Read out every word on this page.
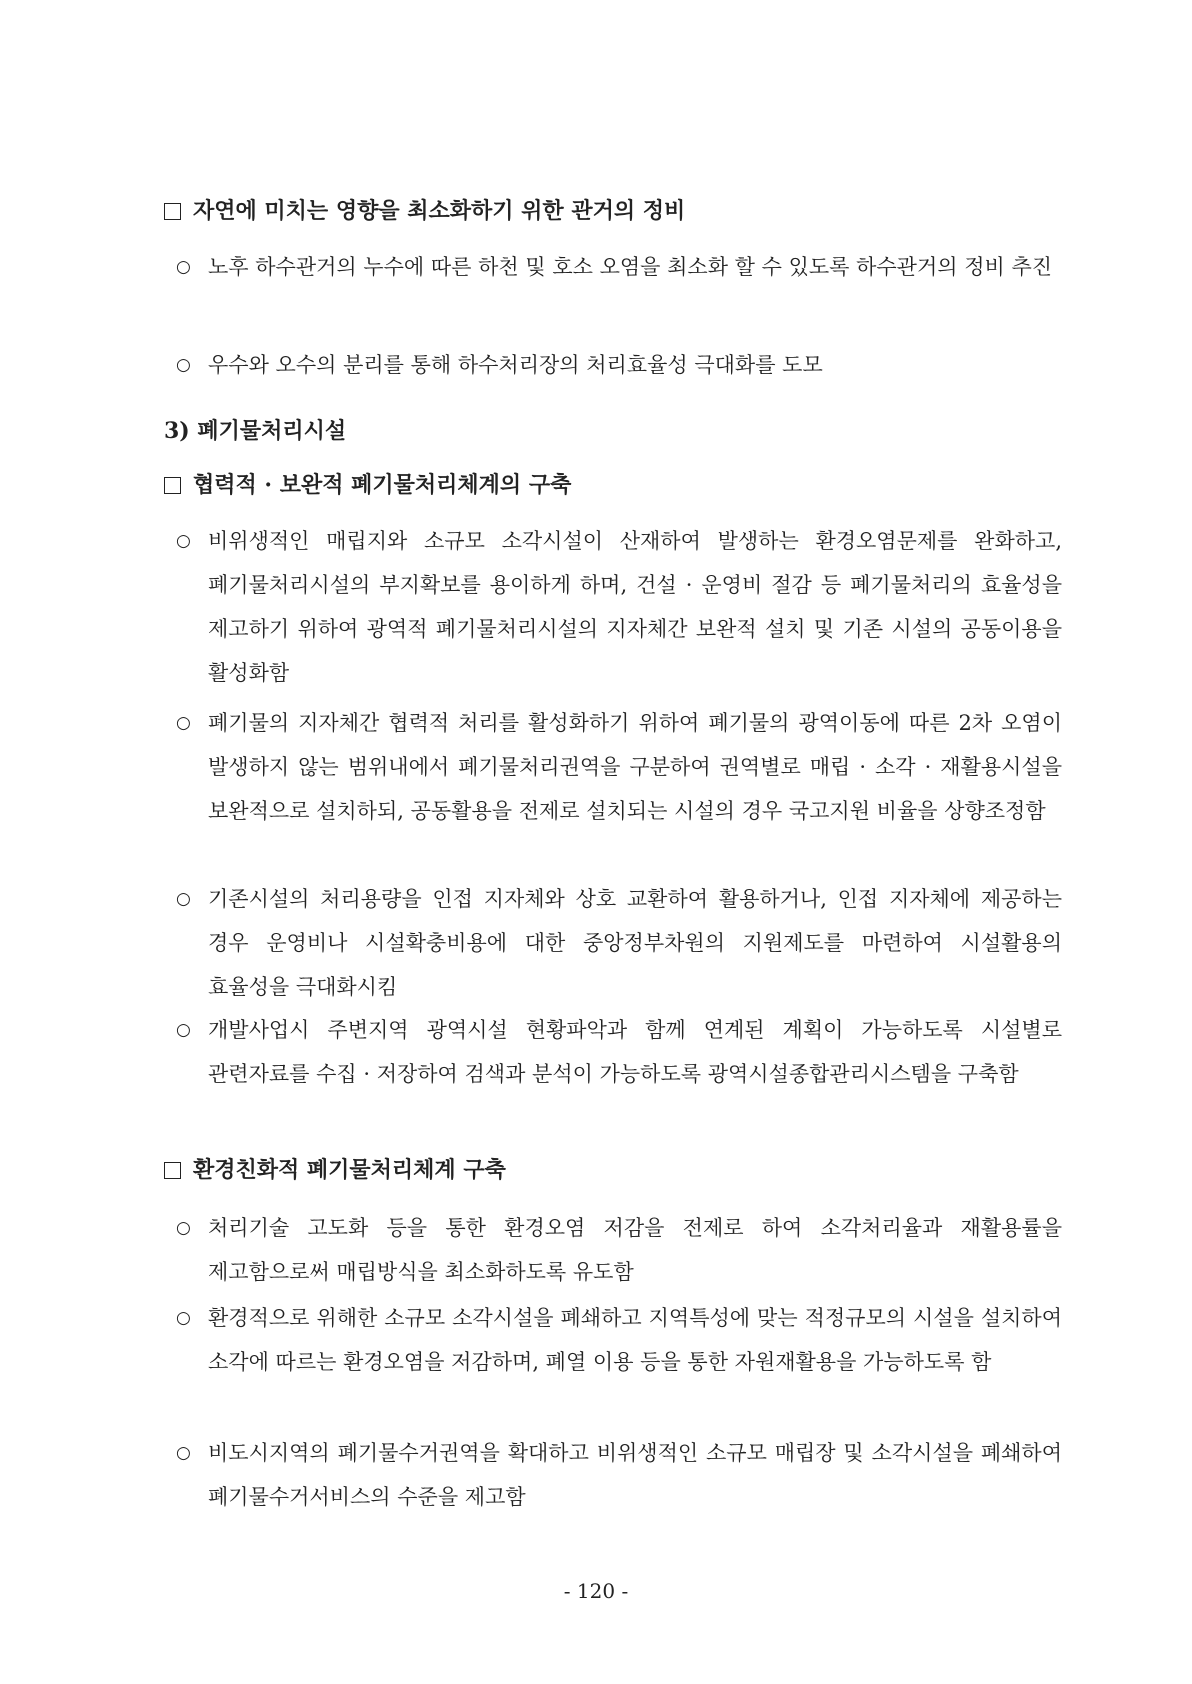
자연에 미치는 영향을 최소화하기 위한 관거의 정비
○ 노후 하수관거의 누수에 따른 하천 및 호소 오염을 최소화 할 수 있도록 하수관거의 정비 추진
○ 우수와 오수의 분리를 통해 하수처리장의 처리효율성 극대화를 도모
3) 폐기물처리시설
협력적 · 보완적 폐기물처리체계의 구축
○ 비위생적인 매립지와 소규모 소각시설이 산재하여 발생하는 환경오염문제를 완화하고, 폐기물처리시설의 부지확보를 용이하게 하며, 건설 · 운영비 절감 등 폐기물처리의 효율성을 제고하기 위하여 광역적 폐기물처리시설의 지자체간 보완적 설치 및 기존 시설의 공동이용을 활성화함
○ 폐기물의 지자체간 협력적 처리를 활성화하기 위하여 폐기물의 광역이동에 따른 2차 오염이 발생하지 않는 범위내에서 폐기물처리권역을 구분하여 권역별로 매립 · 소각 · 재활용시설을 보완적으로 설치하되, 공동활용을 전제로 설치되는 시설의 경우 국고지원 비율을 상향조정함
○ 기존시설의 처리용량을 인접 지자체와 상호 교환하여 활용하거나, 인접 지자체에 제공하는 경우 운영비나 시설확충비용에 대한 중앙정부차원의 지원제도를 마련하여 시설활용의 효율성을 극대화시킴
○ 개발사업시 주변지역 광역시설 현황파악과 함께 연계된 계획이 가능하도록 시설별로 관련자료를 수집 · 저장하여 검색과 분석이 가능하도록 광역시설종합관리시스템을 구축함
환경친화적 폐기물처리체계 구축
○ 처리기술 고도화 등을 통한 환경오염 저감을 전제로 하여 소각처리율과 재활용률을 제고함으로써 매립방식을 최소화하도록 유도함
○ 환경적으로 위해한 소규모 소각시설을 폐쇄하고 지역특성에 맞는 적정규모의 시설을 설치하여 소각에 따르는 환경오염을 저감하며, 폐열 이용 등을 통한 자원재활용을 가능하도록 함
○ 비도시지역의 폐기물수거권역을 확대하고 비위생적인 소규모 매립장 및 소각시설을 폐쇄하여 폐기물수거서비스의 수준을 제고함
- 120 -
